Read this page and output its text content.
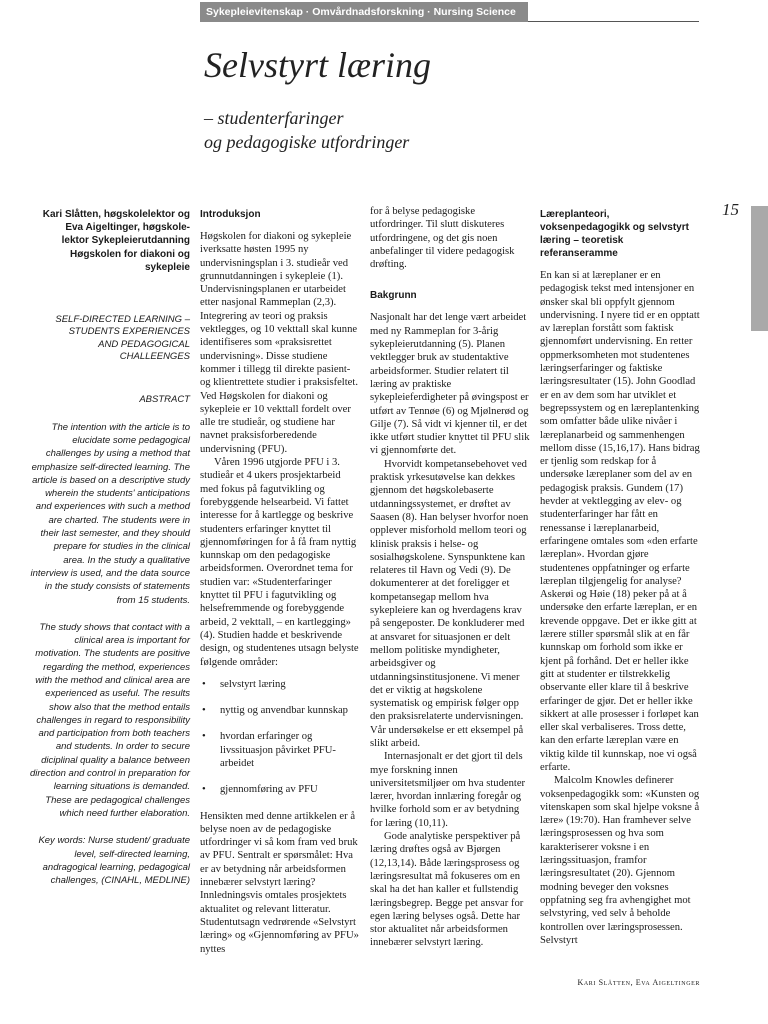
Sykepleievitenskap · Omvårdnadsforskning · Nursing Science
Selvstyrt læring
– studenterfaringer
og pedagogiske utfordringer
15
Kari Slåtten, høgskolelektor og
Eva Aigeltinger, høgskole-
lektor Sykepleierutdanning
Høgskolen for diakoni og
sykepleie
SELF-DIRECTED LEARNING –
STUDENTS EXPERIENCES
AND PEDAGOGICAL
CHALLEENGES
ABSTRACT
The intention with the article is to elucidate some pedagogical challenges by using a method that emphasize self-directed learning. The article is based on a descriptive study wherein the students' anticipations and experiences with such a method are charted. The students were in their last semester, and they should prepare for studies in the clinical area. In the study a qualitative interview is used, and the data source in the study consists of statements from 15 students.
The study shows that contact with a clinical area is important for motivation. The students are positive regarding the method, experiences with the method and clinical area are experienced as useful. The results show also that the method entails challenges in regard to responsibility and participation from both teachers and students. In order to secure diciplinal quality a balance between direction and control in preparation for learning situations is demanded. These are pedagogical challenges which need further elaboration.
Key words: Nurse student/ graduate level, self-directed learning, andragogical learning, pedagogical challenges, (CINAHL, MEDLINE)
Introduksjon

Høgskolen for diakoni og sykepleie iverksatte høsten 1995 ny undervisningsplan i 3. studieår ved grunnutdanningen i sykepleie (1). Undervisningsplanen er utarbeidet etter nasjonal Rammeplan (2,3). Integrering av teori og praksis vektlegges, og 10 vekttall skal kunne identifiseres som «praksisrettet undervisning». Disse studiene kommer i tillegg til direkte pasient- og klientrettete studier i praksisfeltet. Ved Høgskolen for diakoni og sykepleie er 10 vekttall fordelt over alle tre studieår, og studiene har navnet praksisforberedende undervisning (PFU).

Våren 1996 utgjorde PFU i 3. studieår et 4 ukers prosjektarbeid med fokus på fagutvikling og forebyggende helsearbeid. Vi fattet interesse for å kartlegge og beskrive studenters erfaringer knyttet til gjennomføringen for å få fram nyttig kunnskap om den pedagogiske arbeidsformen. Overordnet tema for studien var: «Studenterfaringer knyttet til PFU i fagutvikling og helsefremmende og forebyggende arbeid, 2 vekttall, – en kartlegging» (4). Studien hadde et beskrivende design, og studentenes utsagn belyste følgende områder:

• selvstyrt læring
• nyttig og anvendbar kunnskap
• hvordan erfaringer og livssituasjon påvirket PFU- arbeidet
• gjennomføring av PFU

Hensikten med denne artikkelen er å belyse noen av de pedagogiske utfordringer vi så kom fram ved bruk av PFU. Sentralt er spørsmålet: Hva er av betydning når arbeidsformen innebærer selvstyrt læring? Innledningsvis omtales prosjektets aktualitet og relevant litteratur. Studentutsagn vedrørende «Selvstyrt læring» og «Gjennomføring av PFU» nyttes

for å belyse pedagogiske utfordringer. Til slutt diskuteres utfordringene, og det gis noen anbefalinger til videre pedagogisk drøfting.

Bakgrunn

Nasjonalt har det lenge vært arbeidet med ny Rammeplan for 3-årig sykepleierutdanning (5). Planen vektlegger bruk av studentaktive arbeidsformer. Studier relatert til læring av praktiske sykepleieferdigheter på øvingspost er utført av Tennøe (6) og Mjølnerød og Gilje (7). Så vidt vi kjenner til, er det ikke utført studier knyttet til PFU slik vi gjennomførte det.

Hvorvidt kompetansebehovet ved praktisk yrkesutøvelse kan dekkes gjennom det høgskolebaserte utdanningssystemet, er drøftet av Saasen (8). Han belyser hvorfor noen opplever misforhold mellom teori og klinisk praksis i helse- og sosialhøgskolene. Synspunktene kan relateres til Havn og Vedi (9). De dokumenterer at det foreligger et kompetansegap mellom hva sykepleiere kan og hverdagens krav på sengeposter. De konkluderer med at ansvaret for situasjonen er delt mellom politiske myndigheter, arbeidsgiver og utdanningsinstitusjonene. Vi mener det er viktig at høgskolene systematisk og empirisk følger opp den praksisrelaterte undervisningen. Vår undersøkelse er ett eksempel på slikt arbeid.

Internasjonalt er det gjort til dels mye forskning innen universitetsmiljøer om hva studenter lærer, hvordan innlæring foregår og hvilke forhold som er av betydning for læring (10,11).

Gode analytiske perspektiver på læring drøftes også av Bjørgen (12,13,14). Både læringsprosess og læringsresultat må fokuseres om en skal ha det han kaller et fullstendig læringsbegrep. Begge pet ansvar for egen læring belyses også. Dette har stor aktualitet når arbeidsformen innebærer selvstyrt læring.

Læreplanteori, voksenpedagogikk og selvstyrt læring – teoretisk referanseramme

En kan si at læreplaner er en pedagogisk tekst med intensjoner en ønsker skal bli oppfylt gjennom undervisning. I nyere tid er en opptatt av læreplan forstått som faktisk gjennomført undervisning. En retter oppmerksomheten mot studentenes læringserfaringer og faktiske læringsresultater (15). John Goodlad er en av dem som har utviklet et begrepssystem og en læreplantenking som omfatter både ulike nivåer i læreplanarbeid og sammenhengen mellom disse (15,16,17). Hans bidrag er tjenlig som redskap for å undersøke læreplaner som del av en pedagogisk praksis. Gundem (17) hevder at vektlegging av elev- og studenterfaringer har fått en renessanse i læreplanarbeid, erfaringene omtales som «den erfarte læreplan». Hvordan gjøre studentenes oppfatninger og erfarte læreplan tilgjengelig for analyse? Askerøi og Høie (18) peker på at å undersøke den erfarte læreplan, er en krevende oppgave. Det er ikke gitt at lærere stiller spørsmål slik at en får kunnskap om forhold som ikke er kjent på forhånd. Det er heller ikke gitt at studenter er tilstrekkelig observante eller klare til å beskrive erfaringer de gjør. Det er heller ikke sikkert at alle prosesser i forløpet kan eller skal verbaliseres. Tross dette, kan den erfarte læreplan være en viktig kilde til kunnskap, noe vi også erfarte.

Malcolm Knowles definerer voksenpedagogikk som: «Kunsten og vitenskapen som skal hjelpe voksne å lære» (19:70). Han framhever selve læringsprosessen og hva som karakteriserer voksne i en læringssituasjon, framfor læringsresultatet (20). Gjennom modning beveger den voksnes oppfatning seg fra avhengighet mot selvstyring, ved selv å beholde kontrollen over læringsprosessen. Selvstyrt

Kari Slåtten, Eva Aigeltinger
